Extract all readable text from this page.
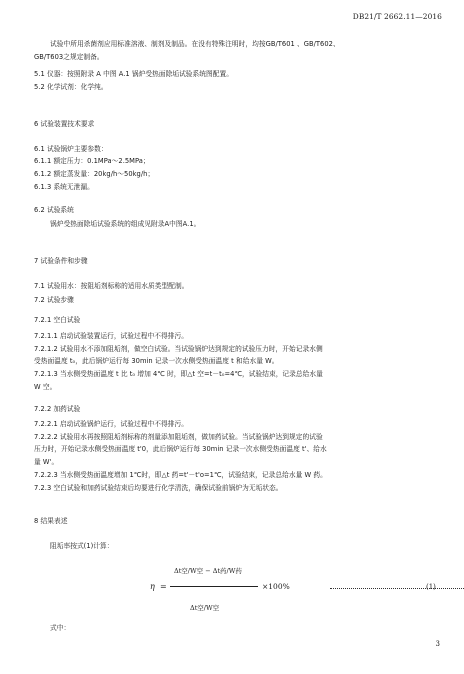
DB21/T 2662.11—2016
试验中所用杀菌剂应用标准溶液、制剂及制品。在没有特殊注明时，均按GB/T601 、GB/T602、
GB/T603之规定制备。
5.1 仪器：按照附录 A 中图 A.1 锅炉受热面除垢试验系统图配置。
5.2 化学试剂：化学纯。
6 试验装置技术要求
6.1 试验锅炉主要参数：
6.1.1 额定压力：0.1MPa～2.5MPa；
6.1.2 额定蒸发量：20kg/h～50kg/h；
6.1.3 系统无泄漏。
6.2 试验系统
锅炉受热面除垢试验系统的组成见附录A中图A.1。
7 试验条件和步骤
7.1 试验用水：按阻垢剂标称的适用水质类型配制。
7.2 试验步骤
7.2.1 空白试验
7.2.1.1 启动试验装置运行，试验过程中不得排污。
7.2.1.2 试验用水不添加阻垢剂，做空白试验。当试验锅炉达到规定的试验压力时，开始记录水侧
受热面温度 t₀，此后锅炉运行每 30min 记录一次水侧受热面温度 t 和给水量 W。
7.2.1.3 当水侧受热面温度 t 比 t₀ 增加 4℃ 时，即△t 空=t－t₀=4℃，试验结束，记录总给水量
W 空。
7.2.2 加药试验
7.2.2.1 启动试验锅炉运行，试验过程中不得排污。
7.2.2.2 试验用水再按照阻垢剂标称的剂量添加阻垢剂，做加药试验。当试验锅炉达到规定的试验
压力时，开始记录水侧受热面温度 t'0，此后锅炉运行每 30min 记录一次水侧受热面温度 t'、给水
量 W'。
7.2.2.3 当水侧受热面温度增加 1℃时，即△t 药=t'－t'o=1℃，试验结束，记录总给水量 W 药。
7.2.3 空白试验和加药试验结束后均要进行化学清洗，确保试验前锅炉为无垢状态。
8 结果表述
阻垢率按式(1)计算：
η =
Δt空/W空 − Δt药/W药
Δt空/W空
×100%	(1)
式中：
3
